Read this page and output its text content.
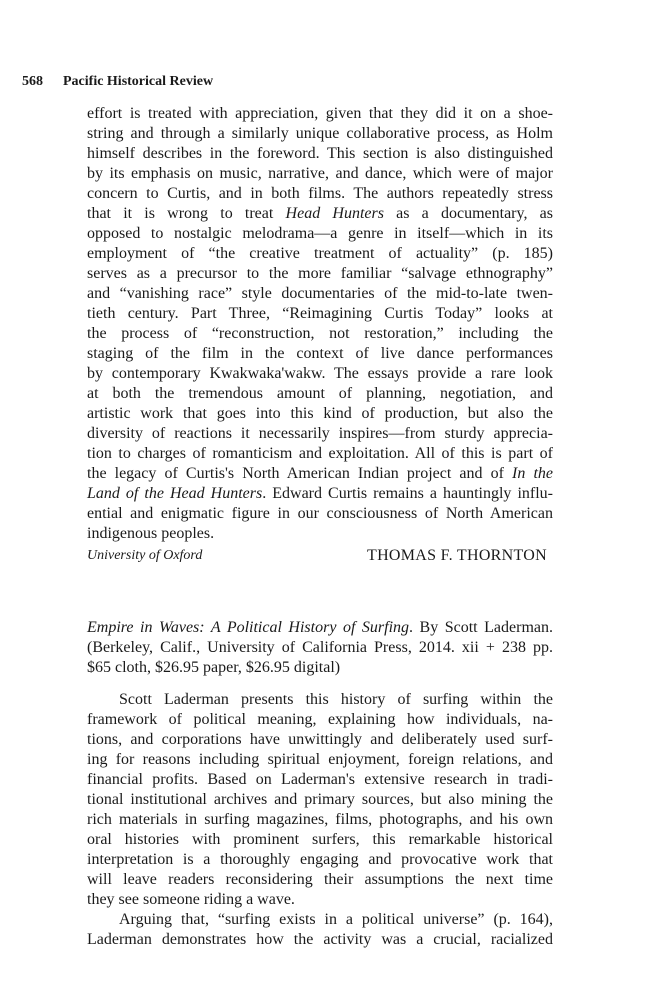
568 Pacific Historical Review
effort is treated with appreciation, given that they did it on a shoe-
string and through a similarly unique collaborative process, as Holm
himself describes in the foreword. This section is also distinguished
by its emphasis on music, narrative, and dance, which were of major
concern to Curtis, and in both films. The authors repeatedly stress
that it is wrong to treat Head Hunters as a documentary, as
opposed to nostalgic melodrama—a genre in itself—which in its
employment of “the creative treatment of actuality” (p. 185)
serves as a precursor to the more familiar “salvage ethnography”
and “vanishing race” style documentaries of the mid-to-late twen-
tieth century. Part Three, “Reimagining Curtis Today” looks at
the process of “reconstruction, not restoration,” including the
staging of the film in the context of live dance performances
by contemporary Kwakwaka'wakw. The essays provide a rare look
at both the tremendous amount of planning, negotiation, and
artistic work that goes into this kind of production, but also the
diversity of reactions it necessarily inspires—from sturdy apprecia-
tion to charges of romanticism and exploitation. All of this is part of
the legacy of Curtis's North American Indian project and of In the
Land of the Head Hunters. Edward Curtis remains a hauntingly influ-
ential and enigmatic figure in our consciousness of North American
indigenous peoples.
University of Oxford	THOMAS F. THORNTON
Empire in Waves: A Political History of Surfing. By Scott Laderman.
(Berkeley, Calif., University of California Press, 2014. xii + 238 pp.
$65 cloth, $26.95 paper, $26.95 digital)
Scott Laderman presents this history of surfing within the
framework of political meaning, explaining how individuals, na-
tions, and corporations have unwittingly and deliberately used surf-
ing for reasons including spiritual enjoyment, foreign relations, and
financial profits. Based on Laderman's extensive research in tradi-
tional institutional archives and primary sources, but also mining the
rich materials in surfing magazines, films, photographs, and his own
oral histories with prominent surfers, this remarkable historical
interpretation is a thoroughly engaging and provocative work that
will leave readers reconsidering their assumptions the next time
they see someone riding a wave.
Arguing that, “surfing exists in a political universe” (p. 164),
Laderman demonstrates how the activity was a crucial, racialized
